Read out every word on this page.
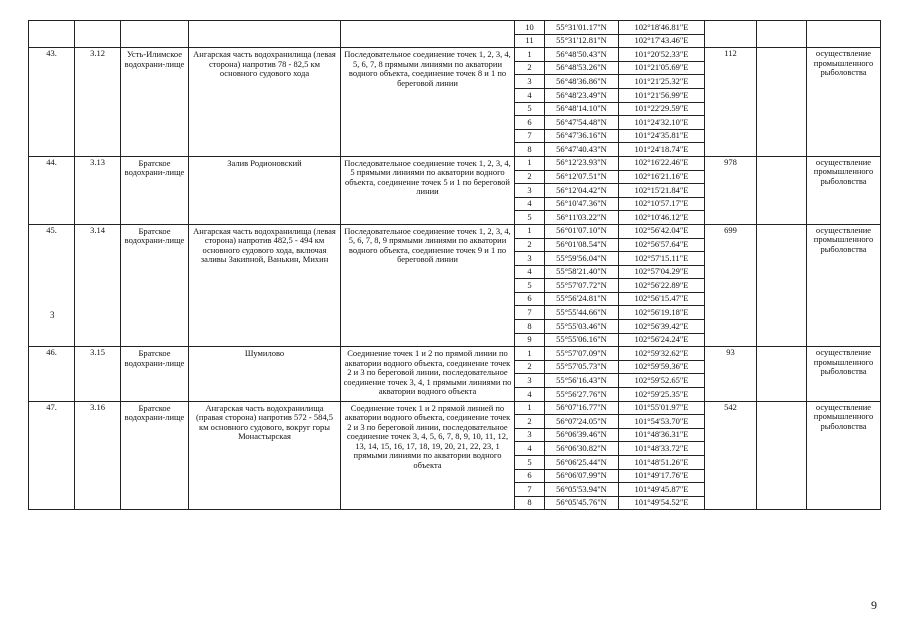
					10	55°31'01.17"N	102°18'46.81"E			
					11	55°31'12.81"N	102°17'43.46"E			
43.	3.12	Усть-Илимское водохрани-лище	Ангарская часть водохранилища (левая сторона) напротив 78 - 82,5 км основного судового хода	Последовательное соединение точек 1, 2, 3, 4, 5, 6, 7, 8 прямыми линиями по акватории водного объекта, соединение точек 8 и 1 по береговой линии	1	56°48'50.43"N	101°20'52.33"E	112		осуществление промышленного рыболовства
					2	56°48'53.26"N	101°21'05.69"E			
					3	56°48'36.86"N	101°21'25.32"E			
					4	56°48'23.49"N	101°21'56.99"E			
					5	56°48'14.10"N	101°22'29.59"E			
					6	56°47'54.48"N	101°24'32.10"E			
					7	56°47'36.16"N	101°24'35.81"E			
					8	56°47'40.43"N	101°24'18.74"E			
44.	3.13	Братское водохрани-лище	Залив Родионовский	Последовательное соединение точек 1, 2, 3, 4, 5 прямыми линиями по акватории водного объекта, соединение точек 5 и 1 по береговой линии	1	56°12'23.93"N	102°16'22.46"E	978		осуществление промышленного рыболовства
					2	56°12'07.51"N	102°16'21.16"E			
					3	56°12'04.42"N	102°15'21.84"E			
					4	56°10'47.36"N	102°10'57.17"E			
					5	56°11'03.22"N	102°10'46.12"E			
45.	3.14	Братское водохрани-лище	Ангарская часть водохранилища (левая сторона) напротив 482,5 - 494 км основного судового хода, включая заливы Закипной, Ванькин, Михин	Последовательное соединение точек 1, 2, 3, 4, 5, 6, 7, 8, 9 прямыми линиями по акватории водного объекта, соединение точек 9 и 1 по береговой линии	1	56°01'07.10"N	102°56'42.04"E	699		осуществление промышленного рыболовства
					2	56°01'08.54"N	102°56'57.64"E			
					3	55°59'56.04"N	102°57'15.11"E			
					4	55°58'21.40"N	102°57'04.29"E			
					5	55°57'07.72"N	102°56'22.89"E			
					6	55°56'24.81"N	102°56'15.47"E			
					7	55°55'44.66"N	102°56'19.18"E			
					8	55°55'03.46"N	102°56'39.42"E			
					9	55°55'06.16"N	102°56'24.24"E			
46.	3.15	Братское водохрани-лище	Шумилово	Соединение точек 1 и 2 по прямой линии по акватории водного объекта, соединение точек 2 и 3 по береговой линии, последовательное соединение точек 3, 4, 1 прямыми линиями по акватории водного объекта	1	55°57'07.09"N	102°59'32.62"E	93		осуществление промышленного рыболовства
					2	55°57'05.73"N	102°59'59.36"E			
					3	55°56'16.43"N	102°59'52.65"E			
					4	55°56'27.76"N	102°59'25.35"E			
47.	3.16	Братское водохрани-лище	Ангарская часть водохранилища (правая сторона) напротив 572 - 584,5 км основного судового, вокруг горы Монастырская	Соединение точек 1 и 2 прямой линией по акватории водного объекта, соединение точек 2 и 3 по береговой линии, последовательное соединение точек 3, 4, 5, 6, 7, 8, 9, 10, 11, 12, 13, 14, 15, 16, 17, 18, 19, 20, 21, 22, 23, 1 прямыми линиями по акватории водного объекта	1	56°07'16.77"N	101°55'01.97"E	542		осуществление промышленного рыболовства
					2	56°07'24.05"N	101°54'53.70"E			
					3	56°06'39.46"N	101°48'36.31"E			
					4	56°06'30.82"N	101°48'33.72"E			
					5	56°06'25.44"N	101°48'51.26"E			
					6	56°06'07.99"N	101°49'17.76"E			
					7	56°05'53.94"N	101°49'45.87"E			
					8	56°05'45.76"N	101°49'54.52"E			
3
9
